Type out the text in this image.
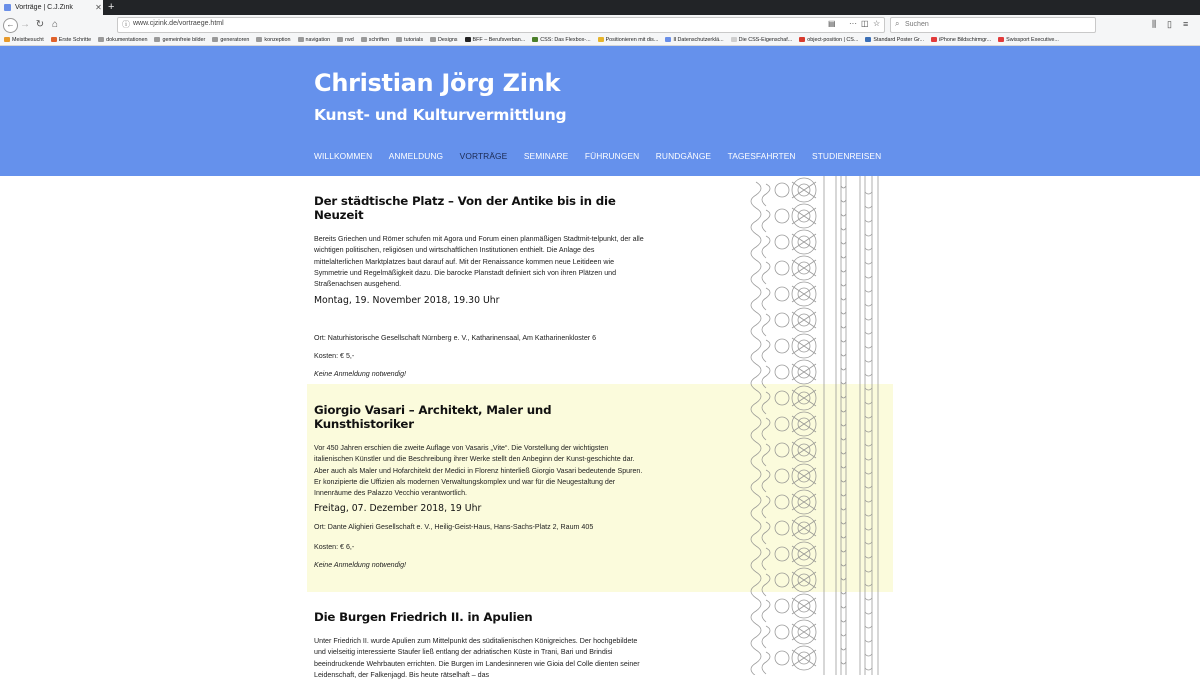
Vorträge | C.J.Zink	✕ +
← → ↻ ⌂	ⓘ www.cjzink.de/vortraege.html	▤ ··· ◫ ☆ ⌕
Suchen	⫼ ▯ ≡
Meistbesucht	Erste Schritte	dokumentationen	gemeinfreie bilder	generatoren	konzeption	navigation	rwd	schriften	tutorials	Designs	BFF – Berufsverban...	CSS: Das Flexbox-...	Positionieren mit dis...	Ⅱ Datenschutzerklä...	Die CSS-Eigenschaf...	object-position | CS...	Standard Poster Gr...	iPhone Bildschirmgr...	Swissport Executive...
Christian Jörg Zink
Kunst- und Kulturvermittlung
WILLKOMMEN ANMELDUNG VORTRÄGE SEMINARE FÜHRUNGEN RUNDGÄNGE TAGESFAHRTEN STUDIENREISEN
Der städtische Platz – Von der Antike bis in die Neuzeit

Bereits Griechen und Römer schufen mit Agora und Forum einen planmäßigen Stadtmit-telpunkt, der alle wichtigen politischen, religiösen und wirtschaftlichen Institutionen enthielt. Die Anlage des mittelalterlichen Marktplatzes baut darauf auf. Mit der Renaissance kommen neue Leitideen wie Symmetrie und Regelmäßigkeit dazu. Die barocke Planstadt definiert sich von ihren Plätzen und Straßenachsen ausgehend.

Montag, 19. November 2018, 19.30 Uhr

Ort: Naturhistorische Gesellschaft Nürnberg e. V., Katharinensaal, Am Katharinenkloster 6

Kosten: € 5,-

Keine Anmeldung notwendig!

Giorgio Vasari – Architekt, Maler und Kunsthistoriker

Vor 450 Jahren erschien die zweite Auflage von Vasaris „Vite“. Die Vorstellung der wichtigsten italienischen Künstler und die Beschreibung ihrer Werke stellt den Anbeginn der Kunst-geschichte dar. Aber auch als Maler und Hofarchitekt der Medici in Florenz hinterließ Giorgio Vasari bedeutende Spuren. Er konzipierte die Uffizien als modernen Verwaltungskomplex und war für die Neugestaltung der Innenräume des Palazzo Vecchio verantwortlich.

Freitag, 07. Dezember 2018, 19 Uhr

Ort: Dante Alighieri Gesellschaft e. V., Heilig-Geist-Haus, Hans-Sachs-Platz 2, Raum 405

Kosten: € 6,-

Keine Anmeldung notwendig!

Die Burgen Friedrich II. in Apulien

Unter Friedrich II. wurde Apulien zum Mittelpunkt des süditalienischen Königreiches. Der hochgebildete und vielseitig interessierte Staufer ließ entlang der adriatischen Küste in Trani, Bari und Brindisi beeindruckende Wehrbauten errichten. Die Burgen im Landesinneren wie Gioia del Colle dienten seiner Leidenschaft, der Falkenjagd. Bis heute rätselhaft – das
